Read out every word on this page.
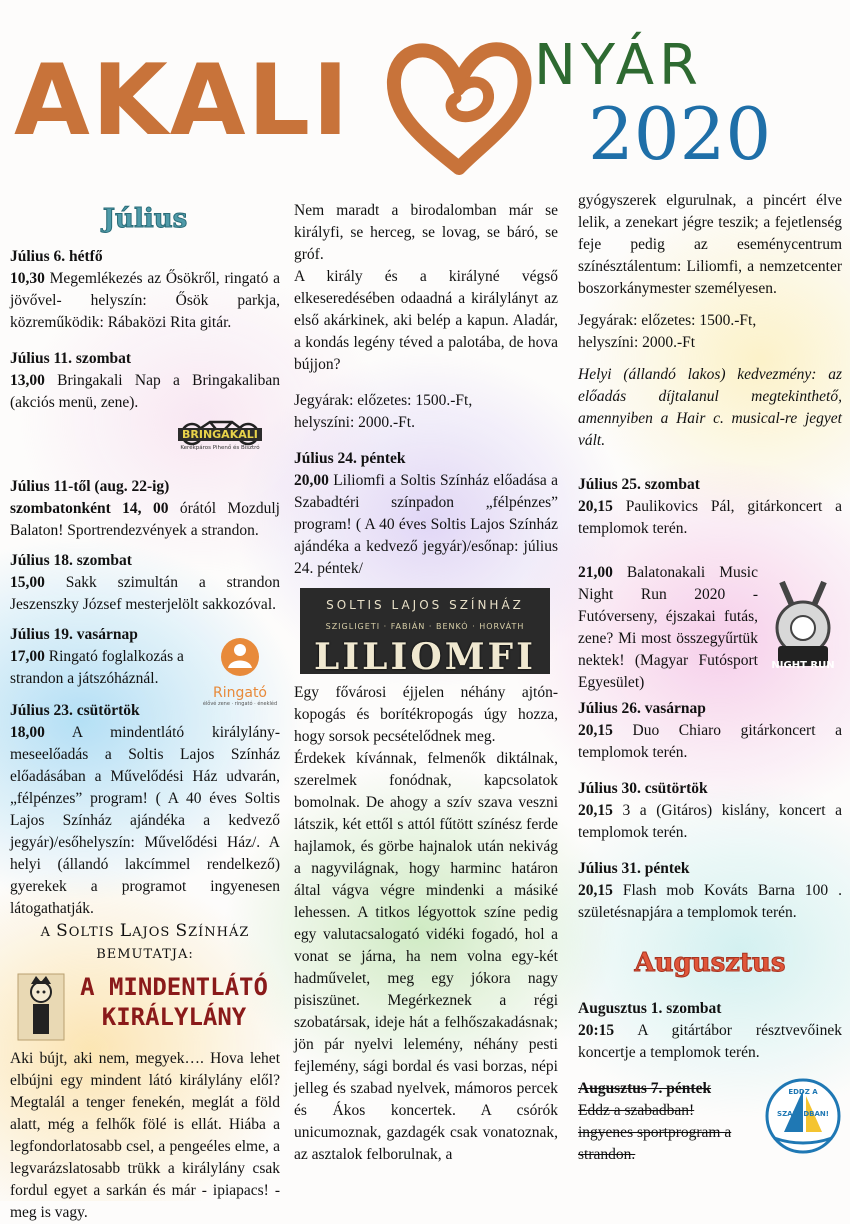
AKALI	NYÁR
2020
Július

Július 6. hétfő

10,30 Megemlékezés az Ősökről, ringató a jövővel- helyszín: Ősök parkja, közreműködik: Rábaközi Rita gitár.

Július 11. szombat

13,00 Bringakali Nap a Bringakaliban (akciós menü, zene).

BRINGAKALI
Kerékpáros Pihenő és Bisztró

Július 11-től (aug. 22-ig)

szombatonként 14, 00 órától Mozdulj Balaton! Sportrendezvények a strandon.

Július 18. szombat

15,00 Sakk szimultán a strandon Jeszenszky József mesterjelölt sakkozóval.

Ringató
élővé zene · ringató · énekléd

Július 19. vasárnap

17,00 Ringató foglalkozás a strandon a játszóháznál.

Július 23. csütörtök

18,00 A mindentlátó királylány-meseelőadás a Soltis Lajos Színház előadásában a Művelődési Ház udvarán, „félpénzes” program! ( A 40 éves Soltis Lajos Színház ajándéka a kedvező jegyár)/esőhelyszín: Művelődési Ház/. A helyi (állandó lakcímmel rendelkező) gyerekek a programot ingyenesen látogathatják.

A SOLTIS LAJOS SZÍNHÁZ BEMUTATJA:

A MINDENTLÁTÓ
KIRÁLYLÁNY

Aki bújt, aki nem, megyek…. Hova lehet elbújni egy mindent látó királylány elől? Megtalál a tenger fenekén, meglát a föld alatt, még a felhők fölé is ellát. Hiába a legfondorlatosabb csel, a pengeéles elme, a legvarázslatosabb trükk a királylány csak fordul egyet a sarkán és már - ipiapacs! - meg is vagy.

Nem maradt a birodalomban már se királyfi, se herceg, se lovag, se báró, se gróf.

A király és a királyné végső elkeseredésében odaadná a királylányt az első akárkinek, aki belép a kapun. Aladár, a kondás legény téved a palotába, de hova bújjon?

Jegyárak: előzetes: 1500.-Ft,

helyszíni: 2000.-Ft.

Július 24. péntek

20,00 Liliomfi a Soltis Színház előadása a Szabadtéri színpadon „félpénzes” program! ( A 40 éves Soltis Lajos Színház ajándéka a kedvező jegyár)/esőnap: július 24. péntek/

SOLTIS LAJOS SZÍNHÁZ
SZIGLIGETI · FABIÁN · BENKÓ · HORVÁTH
LILIOMFI

Egy fővárosi éjjelen néhány ajtón-kopogás és borítékropogás úgy hozza, hogy sorsok pecsételődnek meg.

Érdekek kívánnak, felmenők diktálnak, szerelmek fonódnak, kapcsolatok bomolnak. De ahogy a szív szava veszni látszik, két ettől s attól fűtött színész ferde hajlamok, és görbe hajnalok után nekivág a nagyvilágnak, hogy harminc határon által vágva végre mindenki a másiké lehessen. A titkos légyottok színe pedig egy valutacsalogató vidéki fogadó, hol a vonat se járna, ha nem volna egy-két hadművelet, meg egy jókora nagy pisiszünet. Megérkeznek a régi szobatársak, ideje hát a felhőszakadásnak; jön pár nyelvi lelemény, néhány pesti fejlemény, sági bordal és vasi borzas, népi jelleg és szabad nyelvek, mámoros percek és Ákos koncertek. A csórók unicumoznak, gazdagék csak vonatoznak, az asztalok felborulnak, a

gyógyszerek elgurulnak, a pincért élve lelik, a zenekart jégre teszik; a fejetlenség feje pedig az eseménycentrum színésztálentum: Liliomfi, a nemzetcenter boszorkánymester személyesen.

Jegyárak: előzetes: 1500.-Ft,

helyszíni: 2000.-Ft

Helyi (állandó lakos) kedvezmény: az előadás díjtalanul megtekinthető, amennyiben a Hair c. musical-re jegyet vált.

Július 25. szombat

20,15 Paulikovics Pál, gitárkoncert a templomok terén.

NIGHT RUN

21,00 Balatonakali Music Night Run 2020 - Futóverseny, éjszakai futás, zene? Mi most összegyűrtük nektek! (Magyar Futósport Egyesület)

Július 26. vasárnap

20,15 Duo Chiaro gitárkoncert a templomok terén.

Július 30. csütörtök

20,15 3 a (Gitáros) kislány, koncert a templomok terén.

Július 31. péntek

20,15 Flash mob Kováts Barna 100 . születésnapjára a templomok terén.

Augusztus

Augusztus 1. szombat

20:15 A gitártábor résztvevőinek koncertje a templomok terén.

EDDZ A SZABADBAN!

Augusztus 7. péntek

Eddz a szabadban! ingyenes sportprogram a strandon.
